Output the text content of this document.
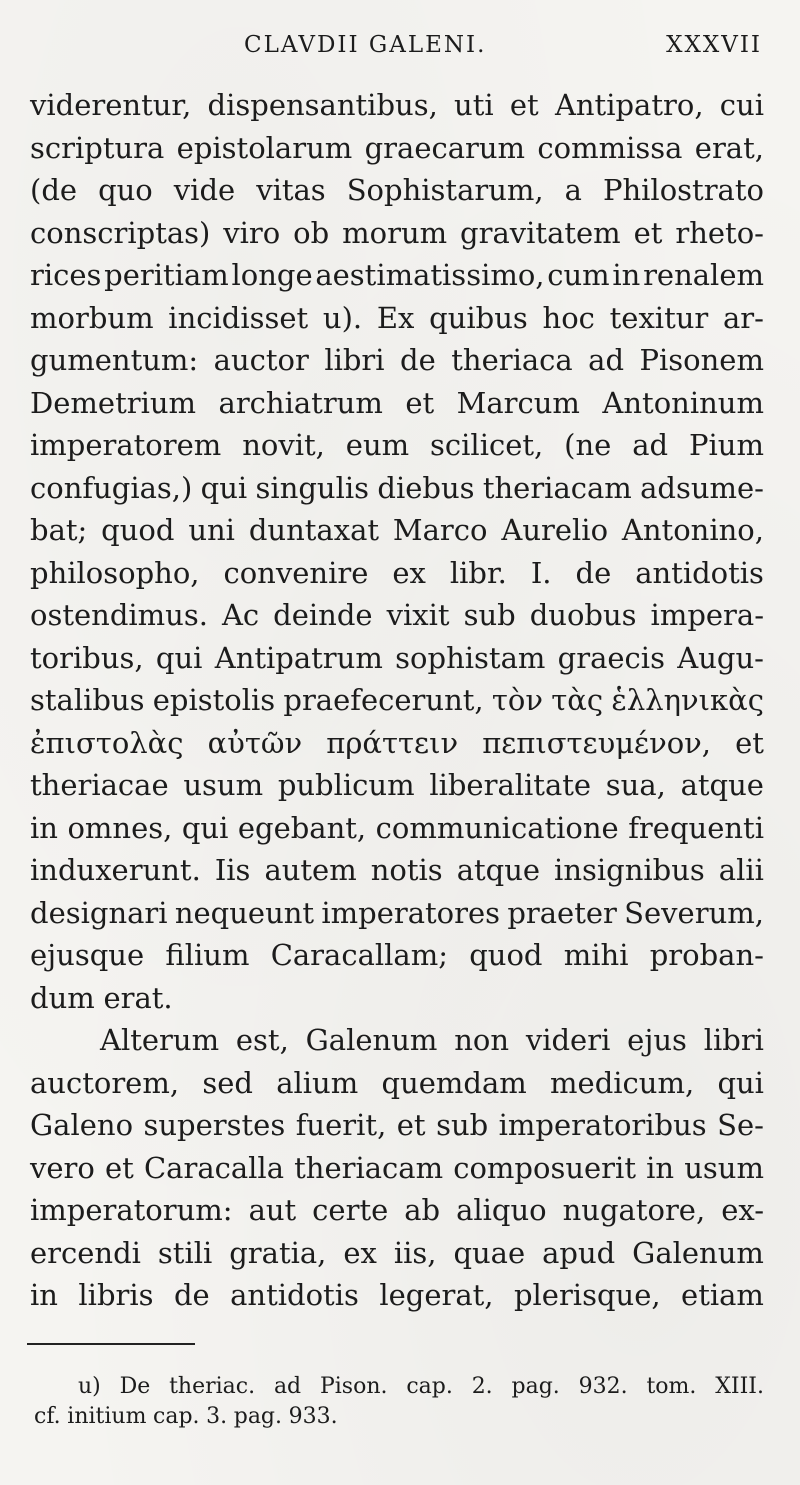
CLAVDII GALENI.	XXXVII
viderentur, dispensantibus, uti et Antipatro, cui
scriptura epistolarum graecarum commissa erat,
(de quo vide vitas Sophistarum, a Philostrato
conscriptas) viro ob morum gravitatem et rheto-
rices peritiam longe aestimatissimo, cum in renalem
morbum incidisset u). Ex quibus hoc texitur ar-
gumentum: auctor libri de theriaca ad Pisonem
Demetrium archiatrum et Marcum Antoninum
imperatorem novit, eum scilicet, (ne ad Pium
confugias,) qui singulis diebus theriacam adsume-
bat; quod uni duntaxat Marco Aurelio Antonino,
philosopho, convenire ex libr. I. de antidotis
ostendimus. Ac deinde vixit sub duobus impera-
toribus, qui Antipatrum sophistam graecis Augu-
stalibus epistolis praefecerunt, τὸν τὰς ἑλληνικὰς
ἐπιστολὰς αὐτῶν πράττειν πεπιστευμένον, et
theriacae usum publicum liberalitate sua, atque
in omnes, qui egebant, communicatione frequenti
induxerunt. Iis autem notis atque insignibus alii
designari nequeunt imperatores praeter Severum,
ejusque filium Caracallam; quod mihi proban-
dum erat.
Alterum est, Galenum non videri ejus libri
auctorem, sed alium quemdam medicum, qui
Galeno superstes fuerit, et sub imperatoribus Se-
vero et Caracalla theriacam composuerit in usum
imperatorum: aut certe ab aliquo nugatore, ex-
ercendi stili gratia, ex iis, quae apud Galenum
in libris de antidotis legerat, plerisque, etiam
u) De theriac. ad Pison. cap. 2. pag. 932. tom. XIII.
cf. initium cap. 3. pag. 933.
